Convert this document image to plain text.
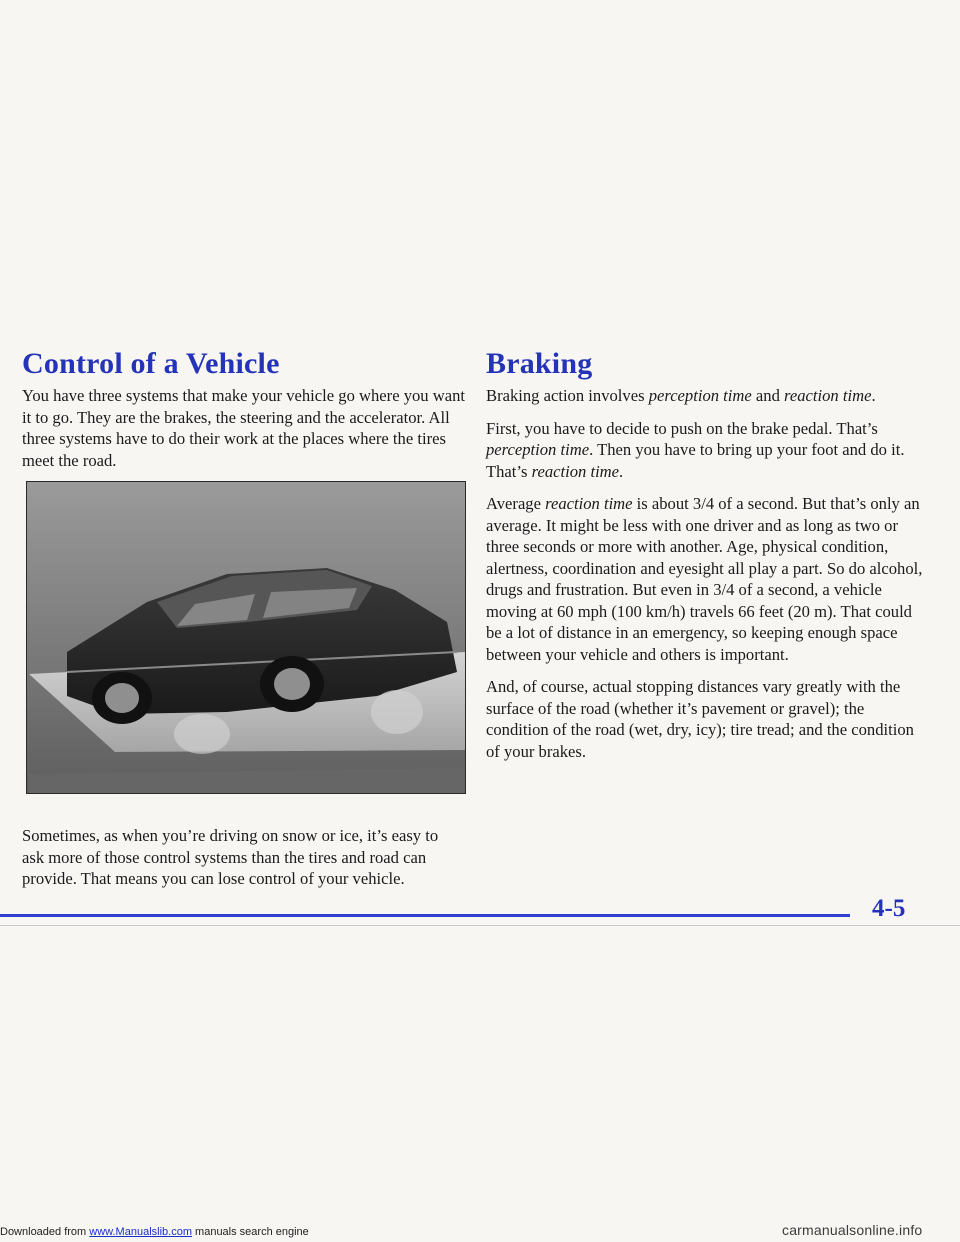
Control of a Vehicle

You have three systems that make your vehicle go where you want it to go. They are the brakes, the steering and the accelerator. All three systems have to do their work at the places where the tires meet the road.

Sometimes, as when you’re driving on snow or ice, it’s easy to ask more of those control systems than the tires and road can provide. That means you can lose control of your vehicle.

Braking

Braking action involves perception time and reaction time.

First, you have to decide to push on the brake pedal. That’s perception time. Then you have to bring up your foot and do it. That’s reaction time.

Average reaction time is about 3/4 of a second. But that’s only an average. It might be less with one driver and as long as two or three seconds or more with another. Age, physical condition, alertness, coordination and eyesight all play a part. So do alcohol, drugs and frustration. But even in 3/4 of a second, a vehicle moving at 60 mph (100 km/h) travels 66 feet (20 m). That could be a lot of distance in an emergency, so keeping enough space between your vehicle and others is important.

And, of course, actual stopping distances vary greatly with the surface of the road (whether it’s pavement or gravel); the condition of the road (wet, dry, icy); tire tread; and the condition of your brakes.

4-5

Downloaded from www.Manualslib.com manuals search engine	carmanualsonline.info
